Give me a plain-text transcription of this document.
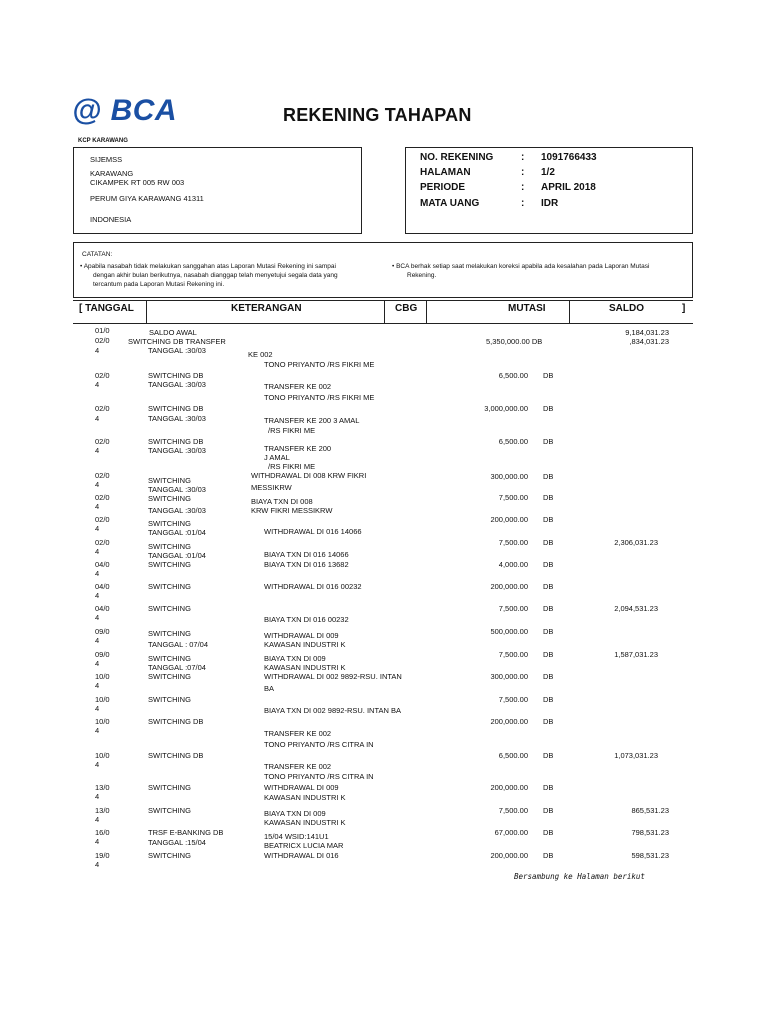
@ BCA	REKENING TAHAPAN
KCP KARAWANG
SIJEMSS
KARAWANG
CIKAMPEK RT 005 RW 003
PERUM GIYA KARAWANG 41311
INDONESIA
NO. REKENING	: 1091766433
HALAMAN	: 1/2
PERIODE	: APRIL 2018
MATA UANG	: IDR
CATATAN:
• Apabila nasabah tidak melakukan sanggahan atas Laporan Mutasi Rekening ini sampai
dengan akhir bulan berikutnya, nasabah dianggap telah menyetujui segala data yang
tercantum pada Laporan Mutasi Rekening ini.
• BCA berhak setiap saat melakukan koreksi apabila ada kesalahan pada Laporan Mutasi
Rekening.
[ TANGGAL	KETERANGAN	CBG	MUTASI	SALDO	]
01/0	SALDO AWAL	9,184,031.23
02/0 SWITCHING DB TRANSFER	5,350,000.00 DB	,834,031.23
4	TANGGAL :30/03	KE 002
TONO PRIYANTO /RS FIKRI ME
02/0	SWITCHING DB	6,500.00 DB
4	TANGGAL :30/03	TRANSFER KE 002
TONO PRIYANTO /RS FIKRI ME
02/0	SWITCHING DB	3,000,000.00 DB
4	TANGGAL :30/03	TRANSFER KE 200 3 AMAL
/RS FIKRI ME
02/0	SWITCHING DB	6,500.00 DB
4	TANGGAL :30/03	TRANSFER KE 200
J AMAL
/RS FIKRI ME
02/0
SWITCHING
WITHDRAWAL DI 008 KRW FIKRI	300,000.00 DB
4
TANGGAL :30/03	MESSIKRW
02/0	SWITCHING	BIAYA TXN DI 008	7,500.00 DB
4	TANGGAL :30/03	KRW FIKRI MESSIKRW
02/0	SWITCHING	200,000.00 DB
4	TANGGAL :01/04	WITHDRAWAL DI 016 14066
02/0	SWITCHING	7,500.00 DB	2,306,031.23
4	TANGGAL :01/04	BIAYA TXN DI 016 14066
04/0	SWITCHING	BIAYA TXN DI 016 13682	4,000.00 DB
4
04/0	SWITCHING	WITHDRAWAL DI 016 00232	200,000.00 DB
4
04/0	SWITCHING	7,500.00 DB	2,094,531.23
4	BIAYA TXN DI 016 00232
09/0	SWITCHING	WITHDRAWAL DI 009	500,000.00 DB
4	TANGGAL : 07/04	KAWASAN INDUSTRI K
09/0	SWITCHING	BIAYA TXN DI 009	7,500.00 DB	1,587,031.23
4	TANGGAL :07/04	KAWASAN INDUSTRI K
10/0	SWITCHING	WITHDRAWAL DI 002 9892-RSU. INTAN	300,000.00 DB
4	BA
10/0	SWITCHING	7,500.00 DB
4	BIAYA TXN DI 002 9892-RSU. INTAN BA
10/0	SWITCHING DB	200,000.00 DB
4	TRANSFER KE 002
TONO PRIYANTO /RS CITRA IN
10/0	SWITCHING DB	6,500.00 DB	1,073,031.23
4	TRANSFER KE 002
TONO PRIYANTO /RS CITRA IN
13/0	SWITCHING	WITHDRAWAL DI 009	200,000.00 DB
4	KAWASAN INDUSTRI K
13/0	SWITCHING	7,500.00 DB	865,531.23
4
BIAYA TXN DI 009
KAWASAN INDUSTRI K
16/0	TRSF E-BANKING DB	15/04 WSID:141U1	67,000.00 DB	798,531.23
4	TANGGAL :15/04	BEATRICX LUCIA MAR
19/0	SWITCHING	WITHDRAWAL DI 016	200,000.00 DB	598,531.23
4
Bersambung ke Halaman berikut
